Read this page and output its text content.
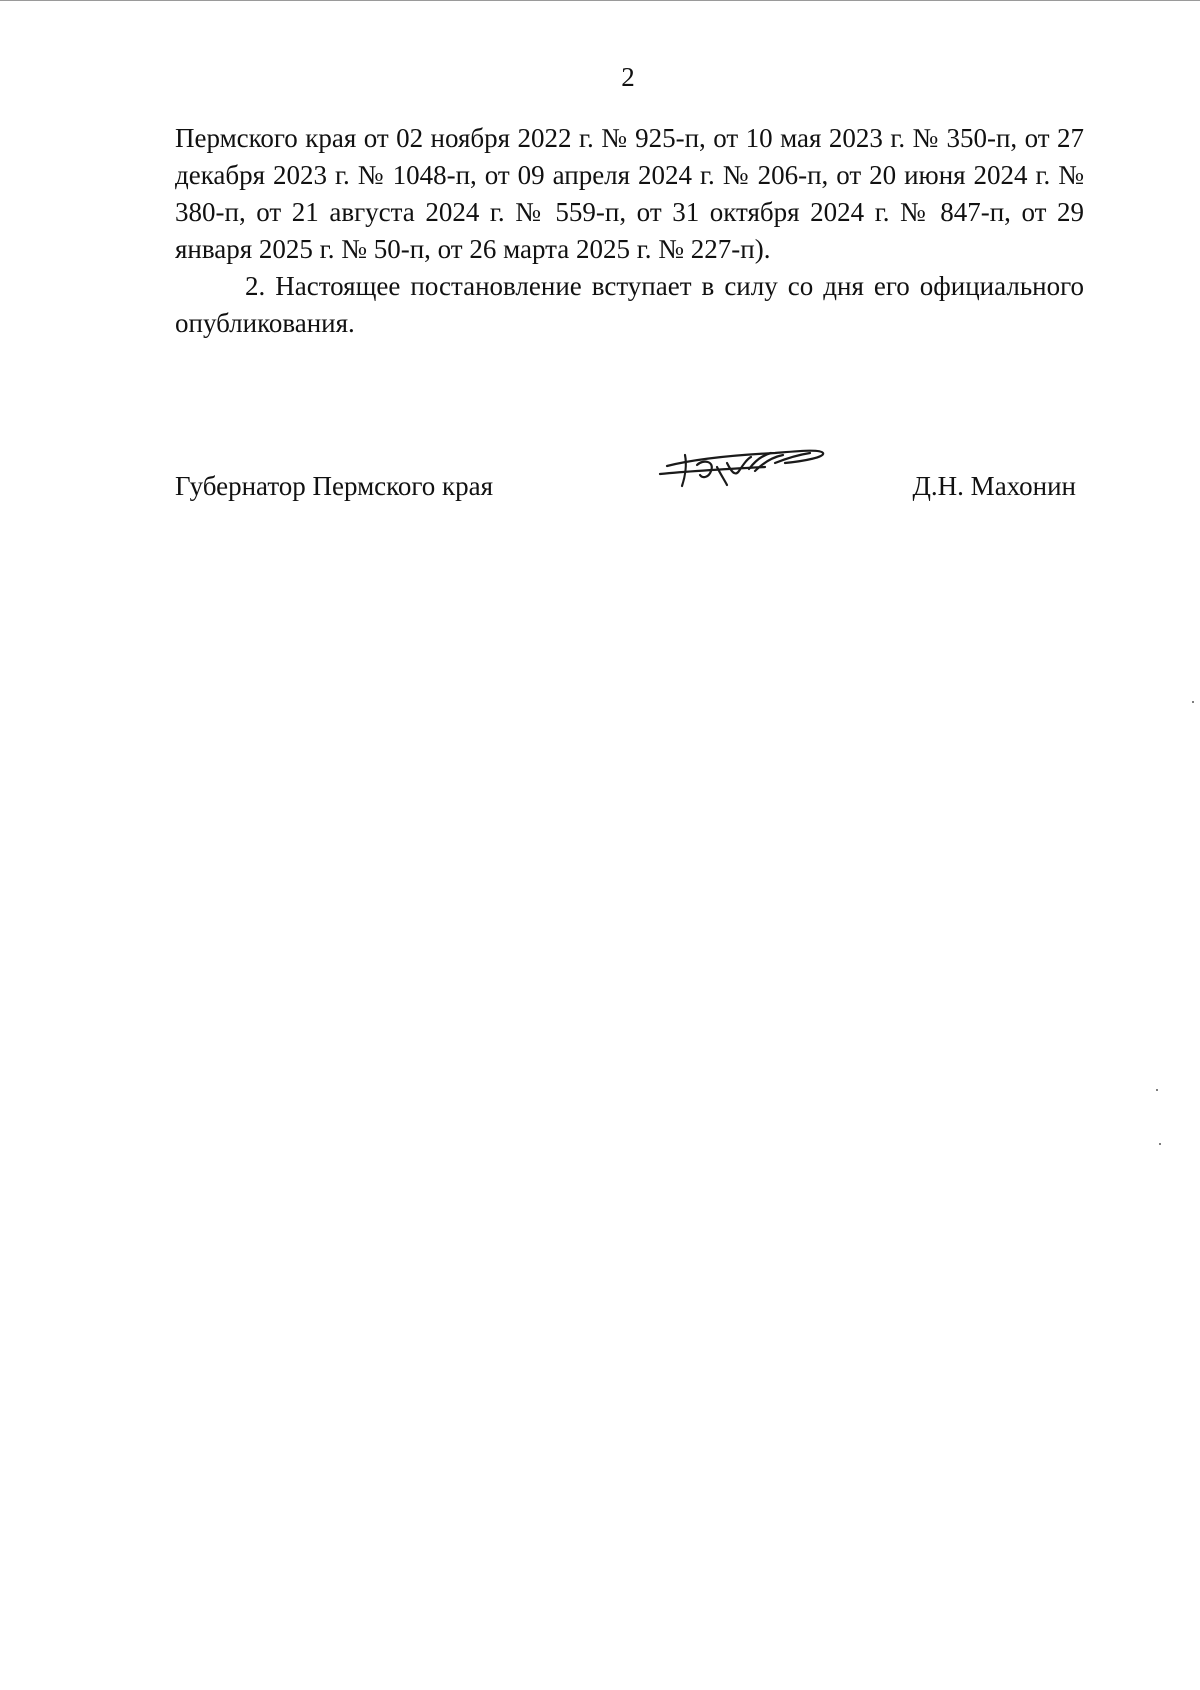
2

Пермского края от 02 ноября 2022 г. № 925-п, от 10 мая 2023 г. № 350-п, от 27 декабря 2023 г. № 1048-п, от 09 апреля 2024 г. № 206-п, от 20 июня 2024 г. № 380-п, от 21 августа 2024 г. № 559-п, от 31 октября 2024 г. № 847-п, от 29 января 2025 г. № 50-п, от 26 марта 2025 г. № 227-п).

2. Настоящее постановление вступает в силу со дня его официального опубликования.

Губернатор Пермского края	Д.Н. Махонин
